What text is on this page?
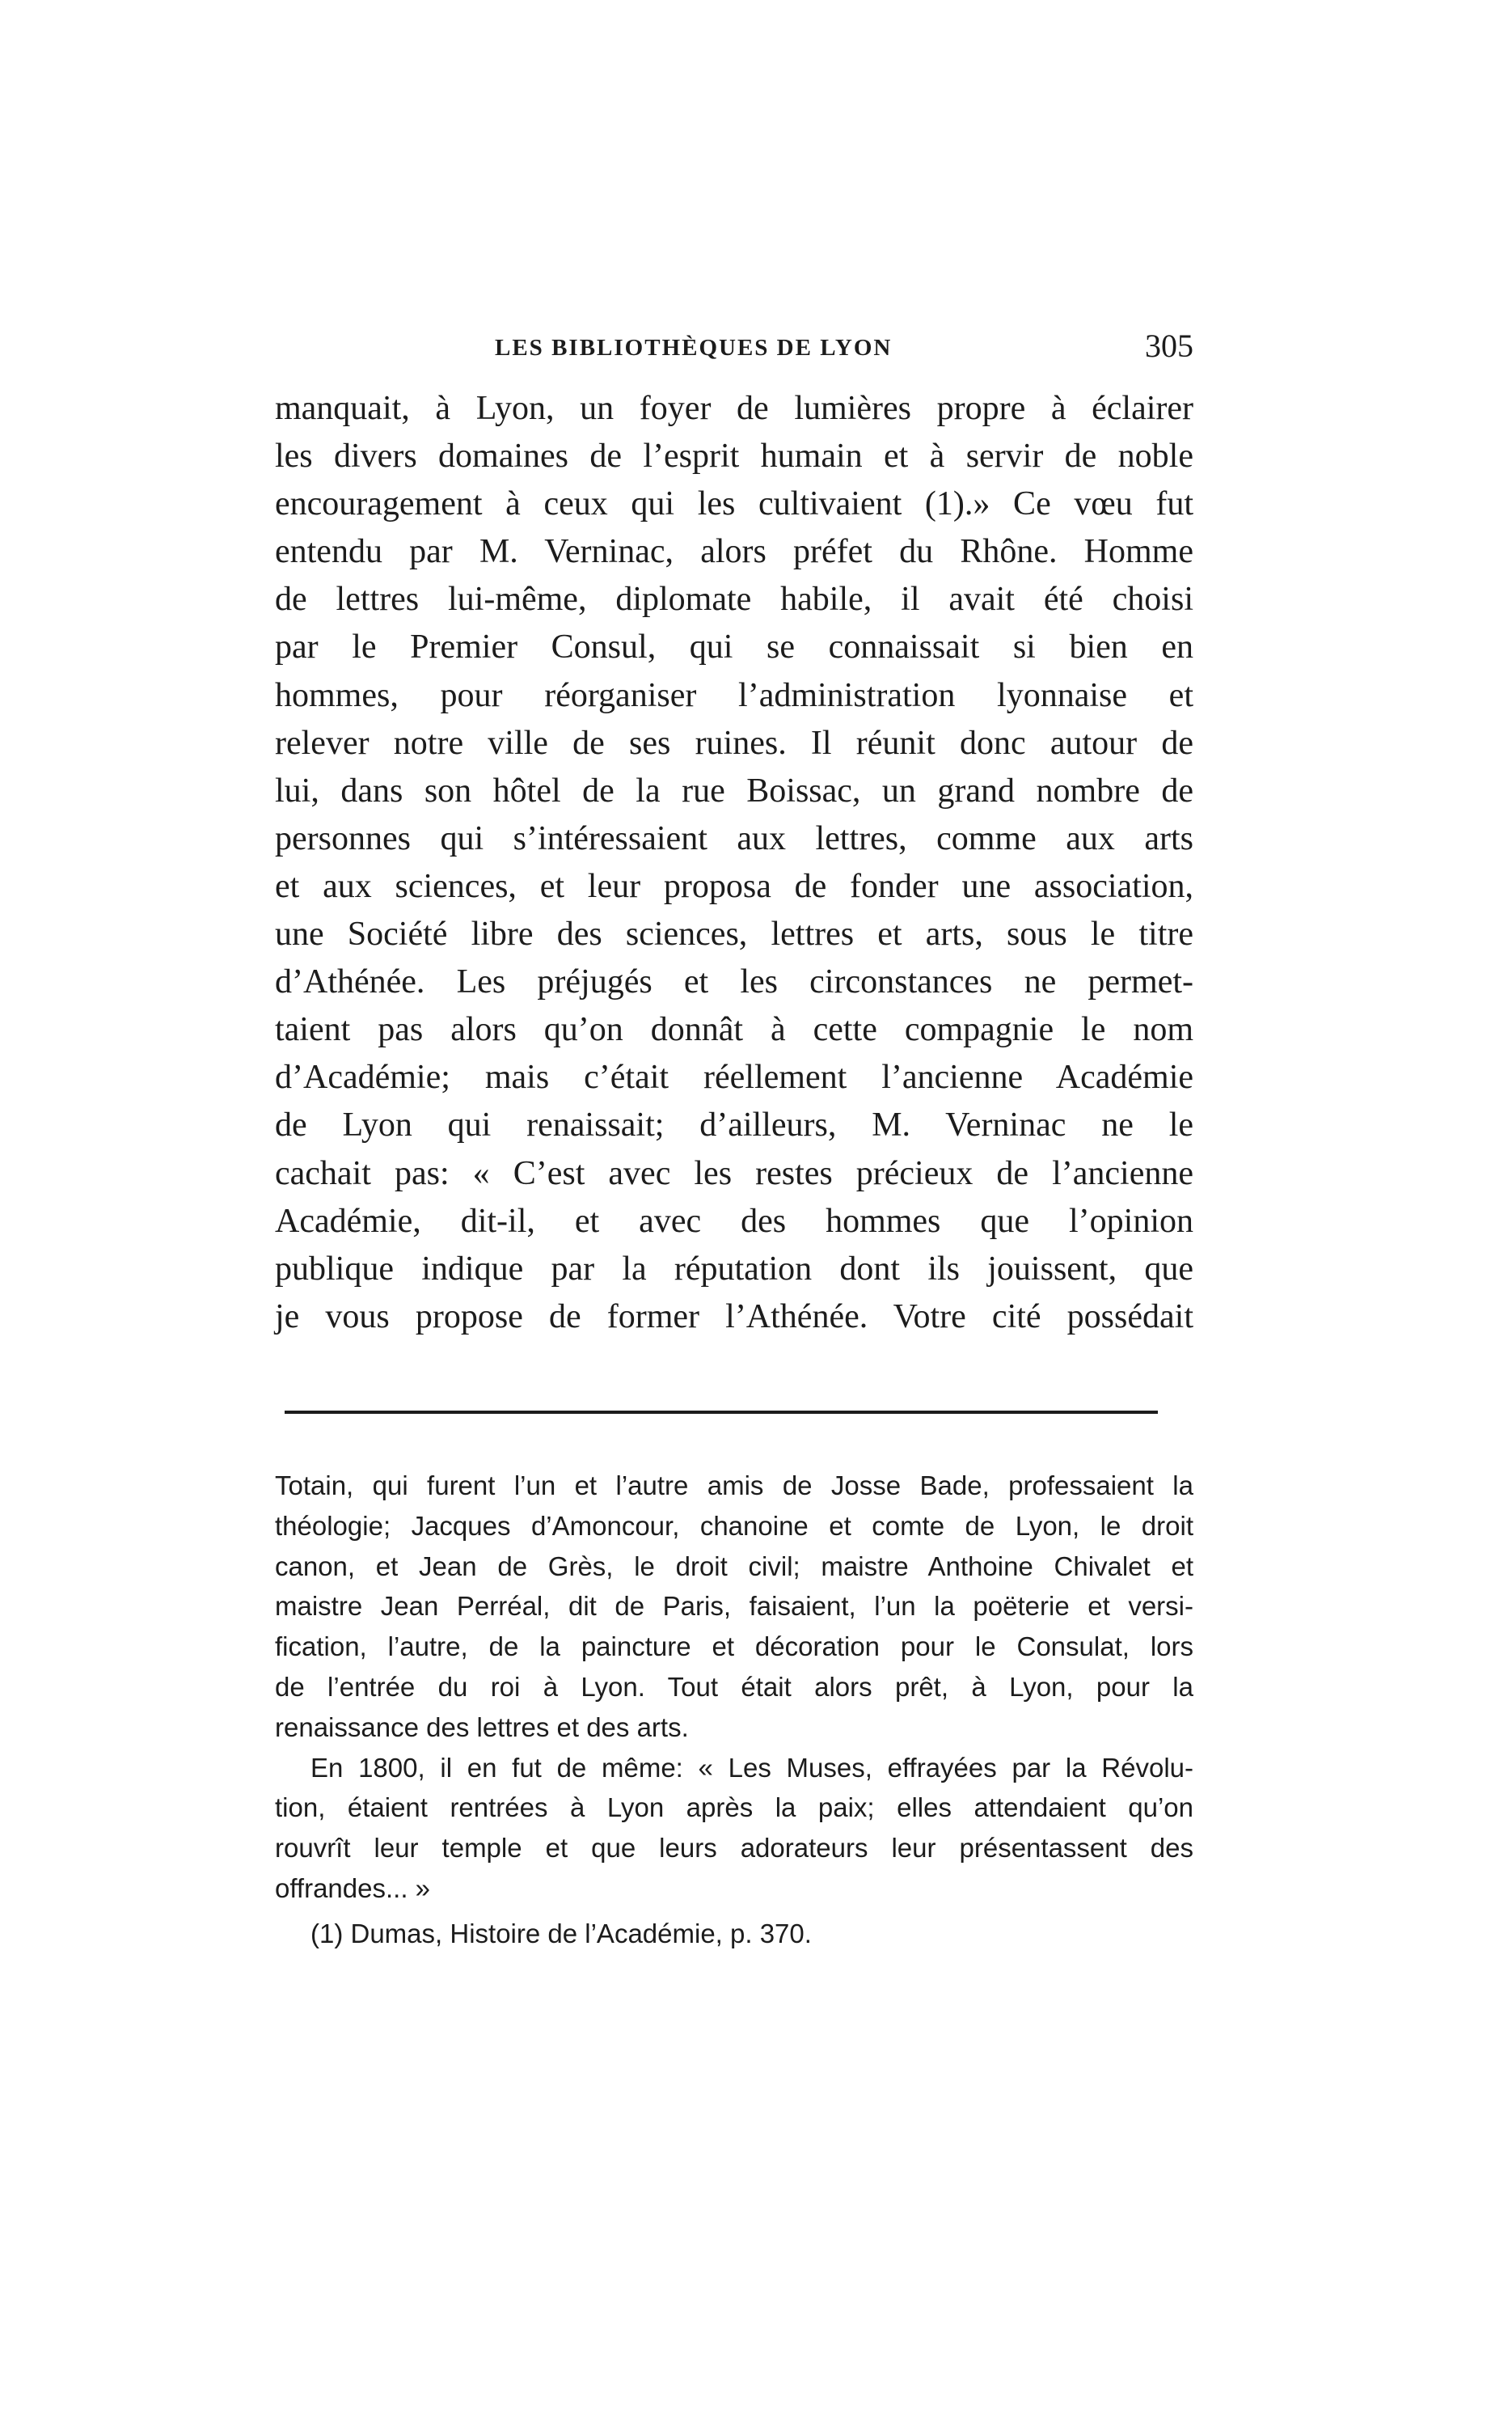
LES BIBLIOTHÈQUES DE LYON	305
manquait, à Lyon, un foyer de lumières propre à éclairer
les divers domaines de l’esprit humain et à servir de noble
encouragement à ceux qui les cultivaient (1).» Ce vœu fut
entendu par M. Verninac, alors préfet du Rhône. Homme
de lettres lui-même, diplomate habile, il avait été choisi
par le Premier Consul, qui se connaissait si bien en
hommes, pour réorganiser l’administration lyonnaise et
relever notre ville de ses ruines. Il réunit donc autour de
lui, dans son hôtel de la rue Boissac, un grand nombre de
personnes qui s’intéressaient aux lettres, comme aux arts
et aux sciences, et leur proposa de fonder une association,
une Société libre des sciences, lettres et arts, sous le titre
d’Athénée. Les préjugés et les circonstances ne permet-
taient pas alors qu’on donnât à cette compagnie le nom
d’Académie; mais c’était réellement l’ancienne Académie
de Lyon qui renaissait; d’ailleurs, M. Verninac ne le
cachait pas: « C’est avec les restes précieux de l’ancienne
Académie, dit-il, et avec des hommes que l’opinion
publique indique par la réputation dont ils jouissent, que
je vous propose de former l’Athénée. Votre cité possédait
Totain, qui furent l’un et l’autre amis de Josse Bade, professaient la
théologie; Jacques d’Amoncour, chanoine et comte de Lyon, le droit
canon, et Jean de Grès, le droit civil; maistre Anthoine Chivalet et
maistre Jean Perréal, dit de Paris, faisaient, l’un la poëterie et versi-
fication, l’autre, de la paincture et décoration pour le Consulat, lors
de l’entrée du roi à Lyon. Tout était alors prêt, à Lyon, pour la
renaissance des lettres et des arts.
En 1800, il en fut de même: « Les Muses, effrayées par la Révolu-
tion, étaient rentrées à Lyon après la paix; elles attendaient qu’on
rouvrît leur temple et que leurs adorateurs leur présentassent des
offrandes... »
(1) Dumas, Histoire de l’Académie, p. 370.
